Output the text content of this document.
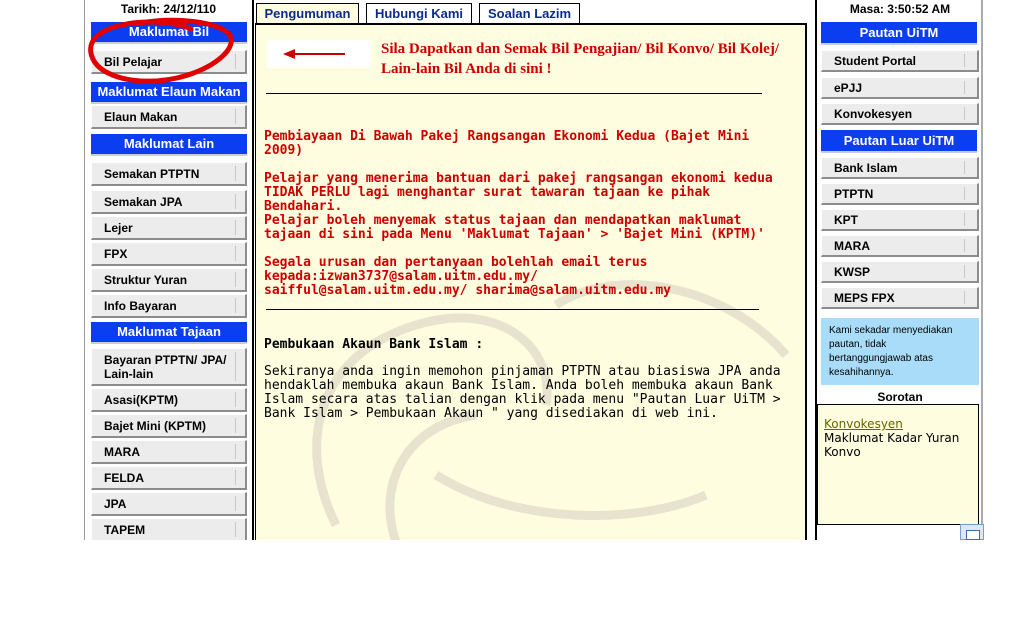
Tarikh: 24/12/110
Maklumat Bil
Bil Pelajar
Maklumat Elaun Makan
Elaun Makan
Maklumat Lain
Semakan PTPTN
Semakan JPA
Lejer
FPX
Struktur Yuran
Info Bayaran
Maklumat Tajaan
Bayaran PTPTN/ JPA/
Lain-lain
Asasi(KPTM)
Bajet Mini (KPTM)
MARA
FELDA
JPA
TAPEM
Pengumuman	Hubungi Kami	Soalan Lazim
Sila Dapatkan dan Semak Bil Pengajian/ Bil Konvo/ Bil Kolej/ Lain-lain Bil Anda di sini !
Pembiayaan Di Bawah Pakej Rangsangan Ekonomi Kedua (Bajet Mini 2009)
Pelajar yang menerima bantuan dari pakej rangsangan ekonomi kedua
TIDAK PERLU lagi menghantar surat tawaran tajaan ke pihak Bendahari.
Pelajar boleh menyemak status tajaan dan mendapatkan maklumat tajaan di sini pada Menu 'Maklumat Tajaan' > 'Bajet Mini (KPTM)'
Segala urusan dan pertanyaan bolehlah email terus
kepada:izwan3737@salam.uitm.edu.my/
saifful@salam.uitm.edu.my/ sharima@salam.uitm.edu.my
Pembukaan Akaun Bank Islam :
Sekiranya anda ingin memohon pinjaman PTPTN atau biasiswa JPA anda hendaklah membuka akaun Bank Islam. Anda boleh membuka akaun Bank Islam secara atas talian dengan klik pada menu "Pautan Luar UiTM > Bank Islam > Pembukaan Akaun " yang disediakan di web ini.
Masa: 3:50:52 AM
Pautan UiTM
Student Portal
ePJJ
Konvokesyen
Pautan Luar UiTM
Bank Islam
PTPTN
KPT
MARA
KWSP
MEPS FPX
Kami sekadar menyediakan pautan, tidak bertanggungjawab atas kesahihannya.
Sorotan
Konvokesyen
Maklumat Kadar Yuran Konvo
